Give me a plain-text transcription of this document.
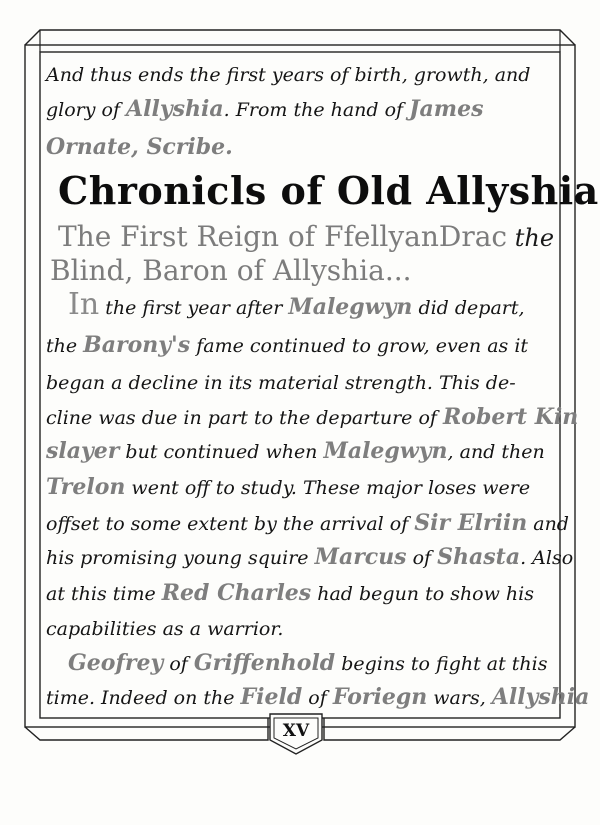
And thus ends the first years of birth, growth, and
glory of Allyshia. From the hand of James
Ornate, Scribe.
Chronicls of Old Allyshia
The First Reign of FfellyanDrac the
Blind, Baron of Allyshia...
In the first year after Malegwyn did depart,
the Barony's fame continued to grow, even as it
began a decline in its material strength. This de-
cline was due in part to the departure of Robert Kin
slayer but continued when Malegwyn, and then
Trelon went off to study. These major loses were
offset to some extent by the arrival of Sir Elriin and
his promising young squire Marcus of Shasta. Also
at this time Red Charles had begun to show his
capabilities as a warrior.
Geofrey of Griffenhold begins to fight at this
time. Indeed on the Field of Foriegn wars, Allyshia
XV
